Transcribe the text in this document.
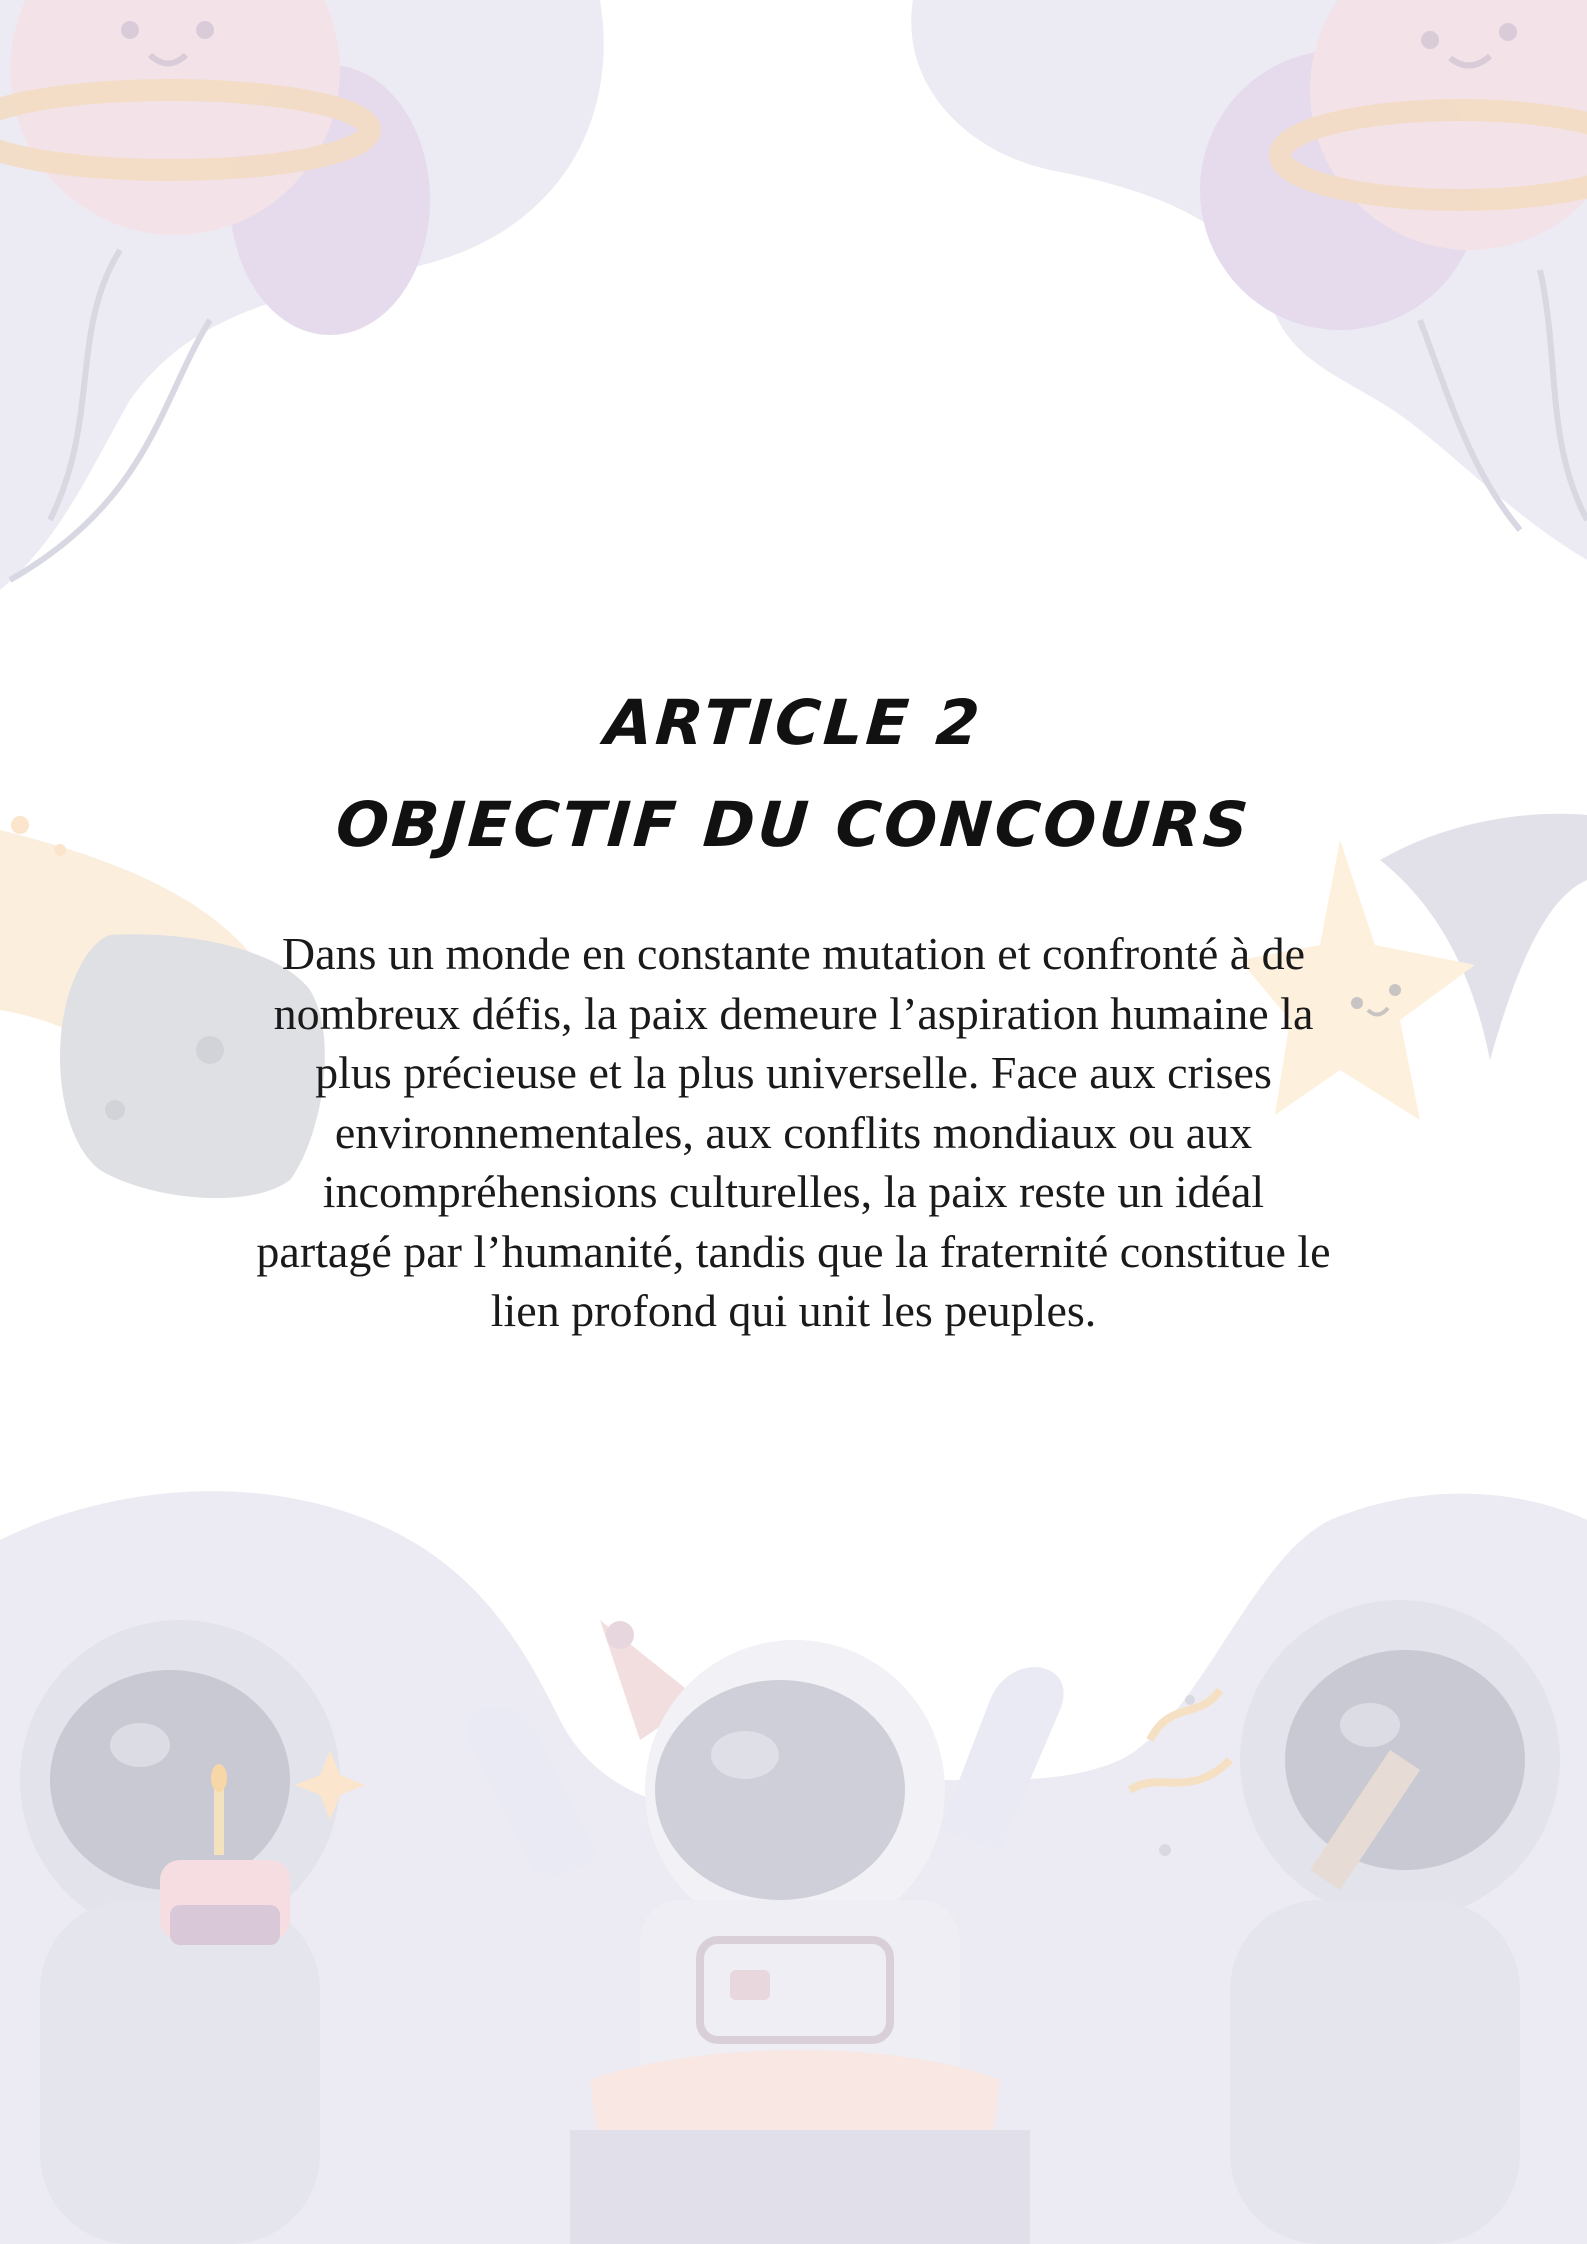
ARTICLE 2
OBJECTIF DU CONCOURS

Dans un monde en constante mutation et confronté à de nombreux défis, la paix demeure l’aspiration humaine la plus précieuse et la plus universelle. Face aux crises environnementales, aux conflits mondiaux ou aux incompréhensions culturelles, la paix reste un idéal partagé par l’humanité, tandis que la fraternité constitue le lien profond qui unit les peuples.
